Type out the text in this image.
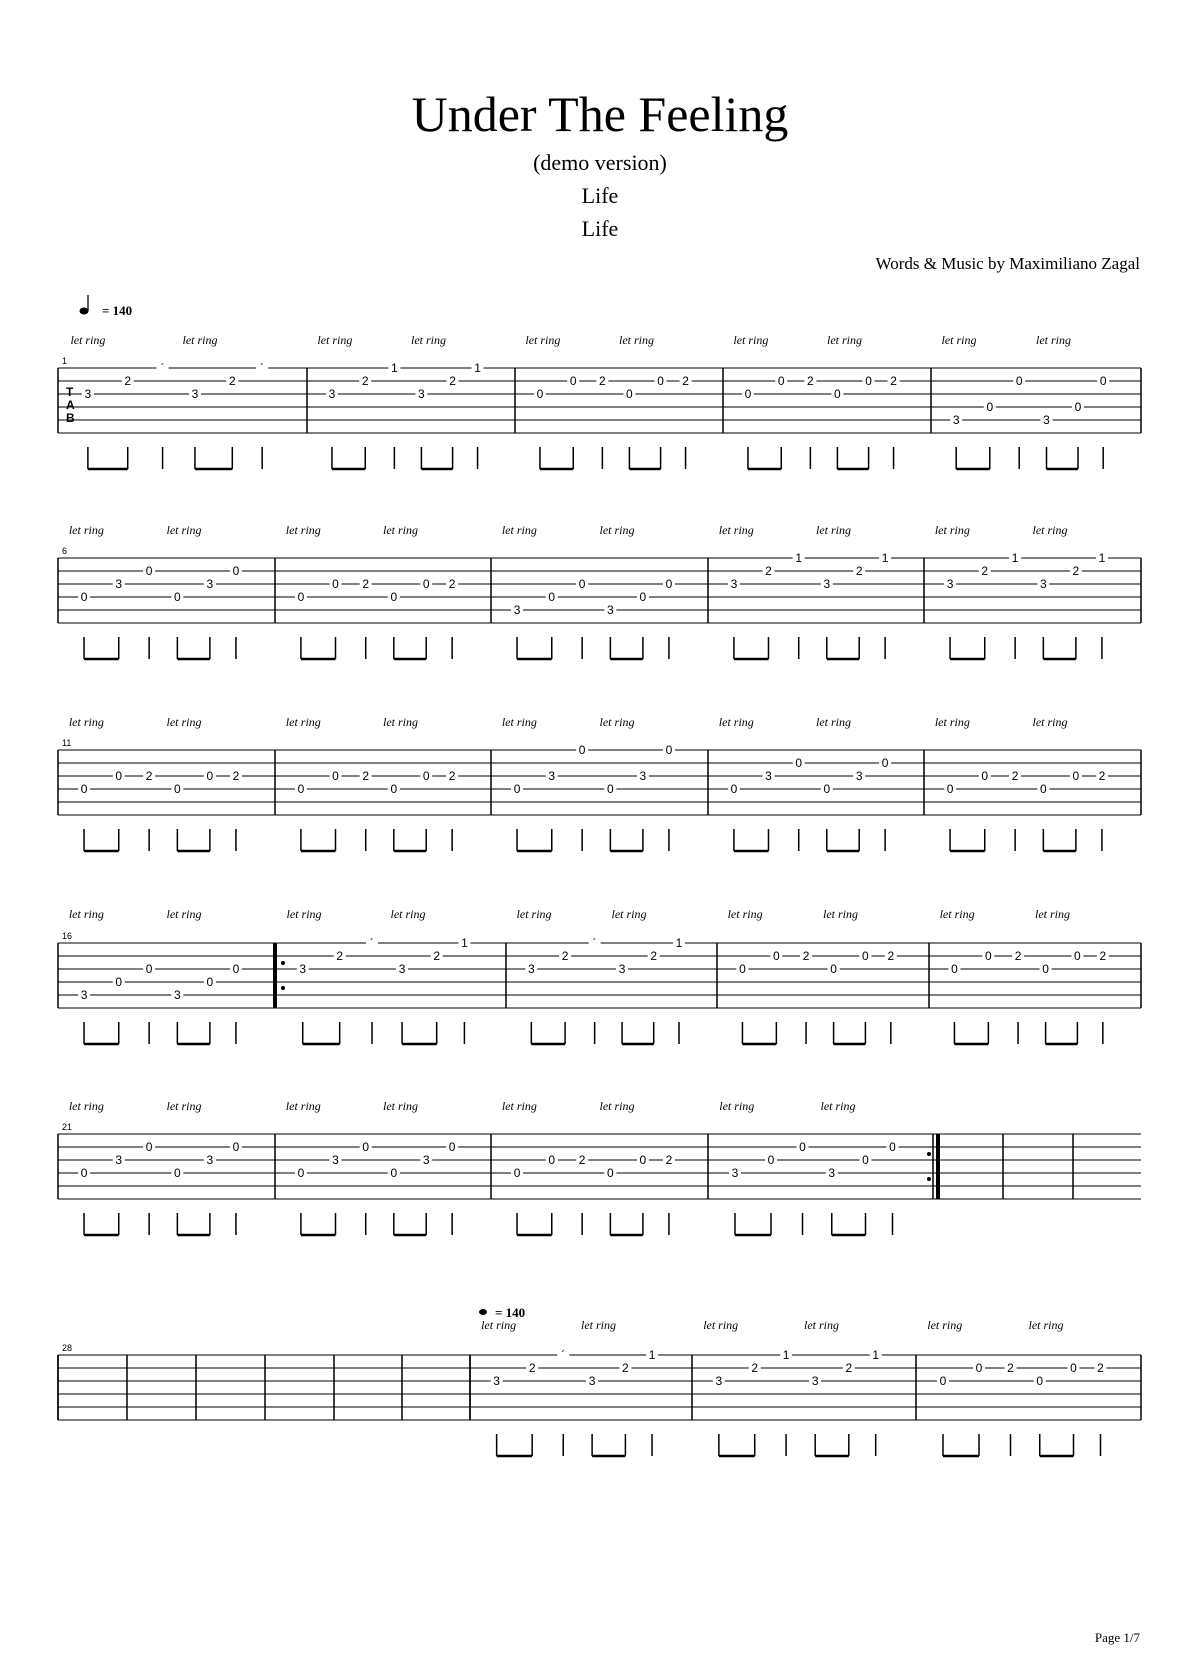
Under The Feeling
(demo version)
Life
Life
Words & Music by Maximiliano Zagal
1
T
A
B
3
2
´
3
2
´
let ring	let ring
3
2
1
3
2
1
let ring	let ring
0
0 2
0
0 2
let ring	let ring
0
0 2
0
0 2
let ring	let ring
3
0
0
3
0
0
let ring	let ring
6
0
3
0
0
3
0
let ring	let ring
0
0 2
0
0 2
let ring	let ring
3
0
0
3
0
0
let ring	let ring
3
2
1
3
2
1
let ring	let ring
3
2
1
3
2
1
let ring	let ring
11
0
0 2
0
0 2
let ring	let ring
0
0 2
0
0 2
let ring	let ring
0
3
0
0
3
0
let ring	let ring
0
3
0
0
3
0
let ring	let ring
0
0 2
0
0 2
let ring	let ring
16
3
0
0
3
0
0
let ring	let ring
3
2
´
3
2
1
let ring	let ring
3
2
´
3
2
1
let ring	let ring
0
0 2
0
0 2
let ring	let ring
0
0 2
0
0 2
let ring	let ring
21
0
3
0
0
3
0
let ring	let ring
0
3
0
0
3
0
let ring	let ring
0
0 2
0
0 2
let ring	let ring
3
0
0
3
0
0
let ring	let ring
28
3
2
´
3
2
1
let ring	let ring
3
2
1
3
2
1
let ring	let ring
0
0 2
0
0 2
let ring	let ring
= 140
= 140
Page 1/7
